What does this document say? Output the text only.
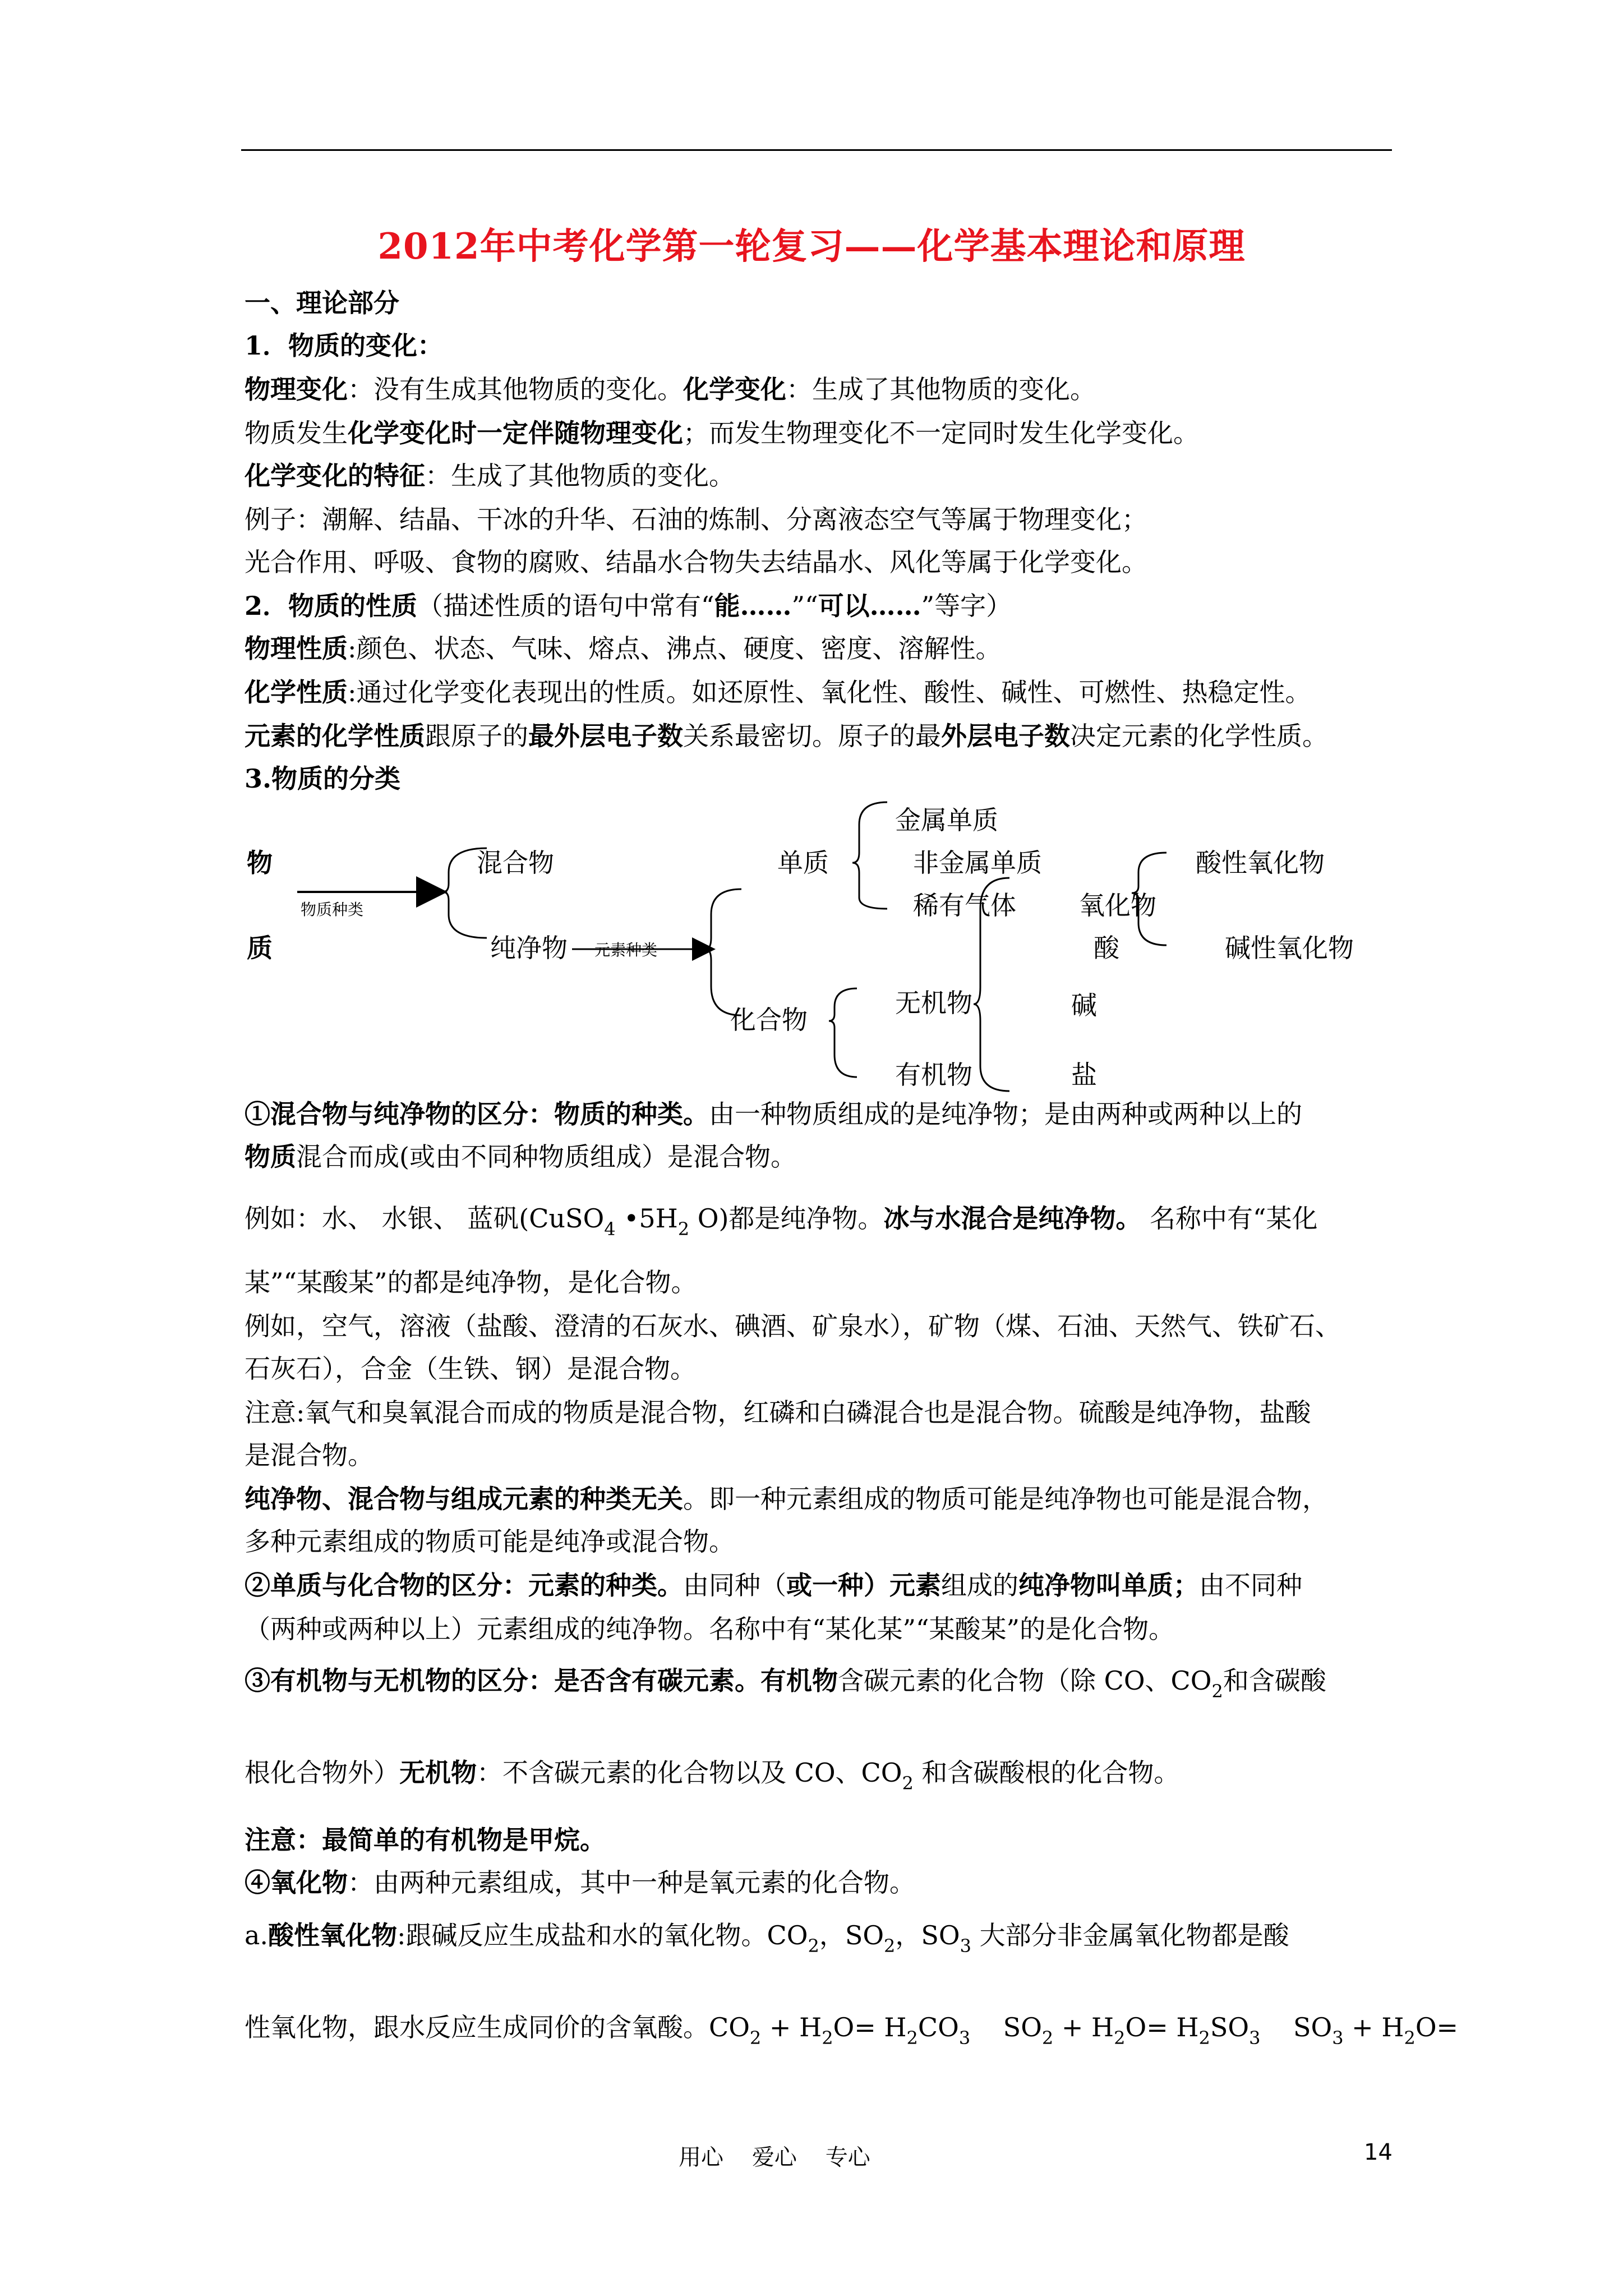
2012年中考化学第一轮复习——化学基本理论和原理
一、理论部分
1．物质的变化：
物理变化：没有生成其他物质的变化。化学变化：生成了其他物质的变化。
物质发生化学变化时一定伴随物理变化；而发生物理变化不一定同时发生化学变化。
化学变化的特征：生成了其他物质的变化。
例子：潮解、结晶、干冰的升华、石油的炼制、分离液态空气等属于物理变化；
光合作用、呼吸、食物的腐败、结晶水合物失去结晶水、风化等属于化学变化。
2．物质的性质（描述性质的语句中常有“能……”“可以……”等字）
物理性质:颜色、状态、气味、熔点、沸点、硬度、密度、溶解性。
化学性质:通过化学变化表现出的性质。如还原性、氧化性、酸性、碱性、可燃性、热稳定性。
元素的化学性质跟原子的最外层电子数关系最密切。原子的最外层电子数决定元素的化学性质。
3.物质的分类
物
质
物质种类
混合物
纯净物 元素种类
单质
化合物
金属单质
非金属单质
稀有气体
无机物
有机物
氧化物
酸
碱
盐
酸性氧化物
碱性氧化物
①混合物与纯净物的区分：物质的种类。由一种物质组成的是纯净物；是由两种或两种以上的
物质混合而成(或由不同种物质组成）是混合物。
例如：水、 水银、 蓝矾(CuSO$_4$ $•5H_2$ O)都是纯净物。冰与水混合是纯净物。 名称中有“某化
某”“某酸某”的都是纯净物，是化合物。
例如，空气，溶液（盐酸、澄清的石灰水、碘酒、矿泉水），矿物（煤、石油、天然气、铁矿石、
石灰石），合金（生铁、钢）是混合物。
注意:氧气和臭氧混合而成的物质是混合物，红磷和白磷混合也是混合物。硫酸是纯净物，盐酸
是混合物。
纯净物、混合物与组成元素的种类无关。即一种元素组成的物质可能是纯净物也可能是混合物，
多种元素组成的物质可能是纯净或混合物。
②单质与化合物的区分：元素的种类。由同种（或一种）元素组成的纯净物叫单质；由不同种
（两种或两种以上）元素组成的纯净物。名称中有“某化某”“某酸某”的是化合物。
③有机物与无机物的区分：是否含有碳元素。有机物含碳元素的化合物（除 CO、$CO_2$和含碳酸
根化合物外）无机物：不含碳元素的化合物以及 CO、$CO_2$ 和含碳酸根的化合物。
注意：最简单的有机物是甲烷。
④氧化物：由两种元素组成，其中一种是氧元素的化合物。
a.酸性氧化物:跟碱反应生成盐和水的氧化物。$CO_2$，$SO_2$，$SO_3$ 大部分非金属氧化物都是酸
性氧化物，跟水反应生成同价的含氧酸。$CO_2 + H_2O= H_2CO_3$    $SO_2 + H_2O= H_2SO_3$    $SO_3 + H_2O=$
用心    爱心    专心	14
